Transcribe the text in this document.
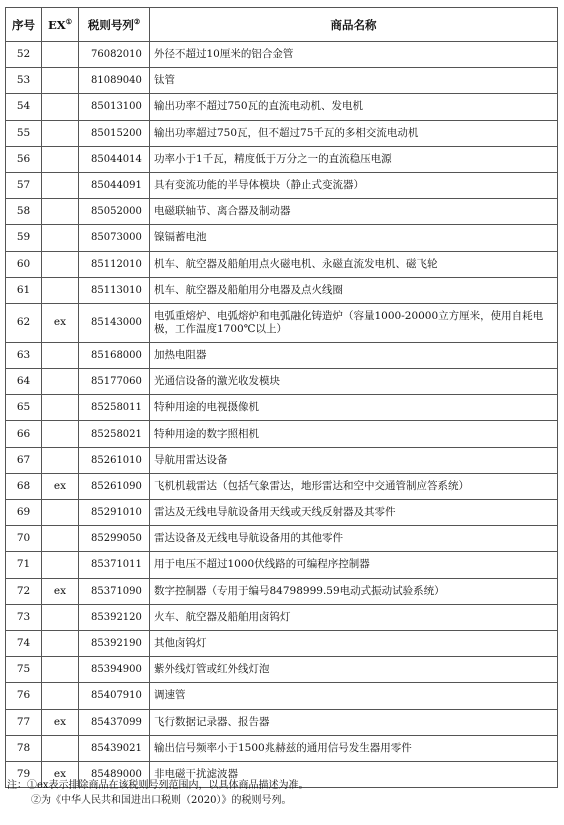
序号	EX①	税则号列②	商品名称
52		76082010	外径不超过10厘米的铝合金管
53		81089040	钛管
54		85013100	输出功率不超过750瓦的直流电动机、发电机
55		85015200	输出功率超过750瓦，但不超过75千瓦的多相交流电动机
56		85044014	功率小于1千瓦，精度低于万分之一的直流稳压电源
57		85044091	具有变流功能的半导体模块（静止式变流器）
58		85052000	电磁联轴节、离合器及制动器
59		85073000	镍镉蓄电池
60		85112010	机车、航空器及船舶用点火磁电机、永磁直流发电机、磁飞轮
61		85113010	机车、航空器及船舶用分电器及点火线圈
62	ex	85143000	电弧重熔炉、电弧熔炉和电弧融化铸造炉（容量1000-20000立方厘米，使用自耗电极，工作温度1700℃以上）
63		85168000	加热电阻器
64		85177060	光通信设备的激光收发模块
65		85258011	特种用途的电视摄像机
66		85258021	特种用途的数字照相机
67		85261010	导航用雷达设备
68	ex	85261090	飞机机载雷达（包括气象雷达，地形雷达和空中交通管制应答系统）
69		85291010	雷达及无线电导航设备用天线或天线反射器及其零件
70		85299050	雷达设备及无线电导航设备用的其他零件
71		85371011	用于电压不超过1000伏线路的可编程序控制器
72	ex	85371090	数字控制器（专用于编号84798999.59电动式振动试验系统）
73		85392120	火车、航空器及船舶用卤钨灯
74		85392190	其他卤钨灯
75		85394900	紫外线灯管或红外线灯泡
76		85407910	调速管
77	ex	85437099	飞行数据记录器、报告器
78		85439021	输出信号频率小于1500兆赫兹的通用信号发生器用零件
79	ex	85489000	非电磁干扰滤波器
注：①ex表示排除商品在该税则号列范围内，以具体商品描述为准。
②为《中华人民共和国进出口税则（2020）》的税则号列。
